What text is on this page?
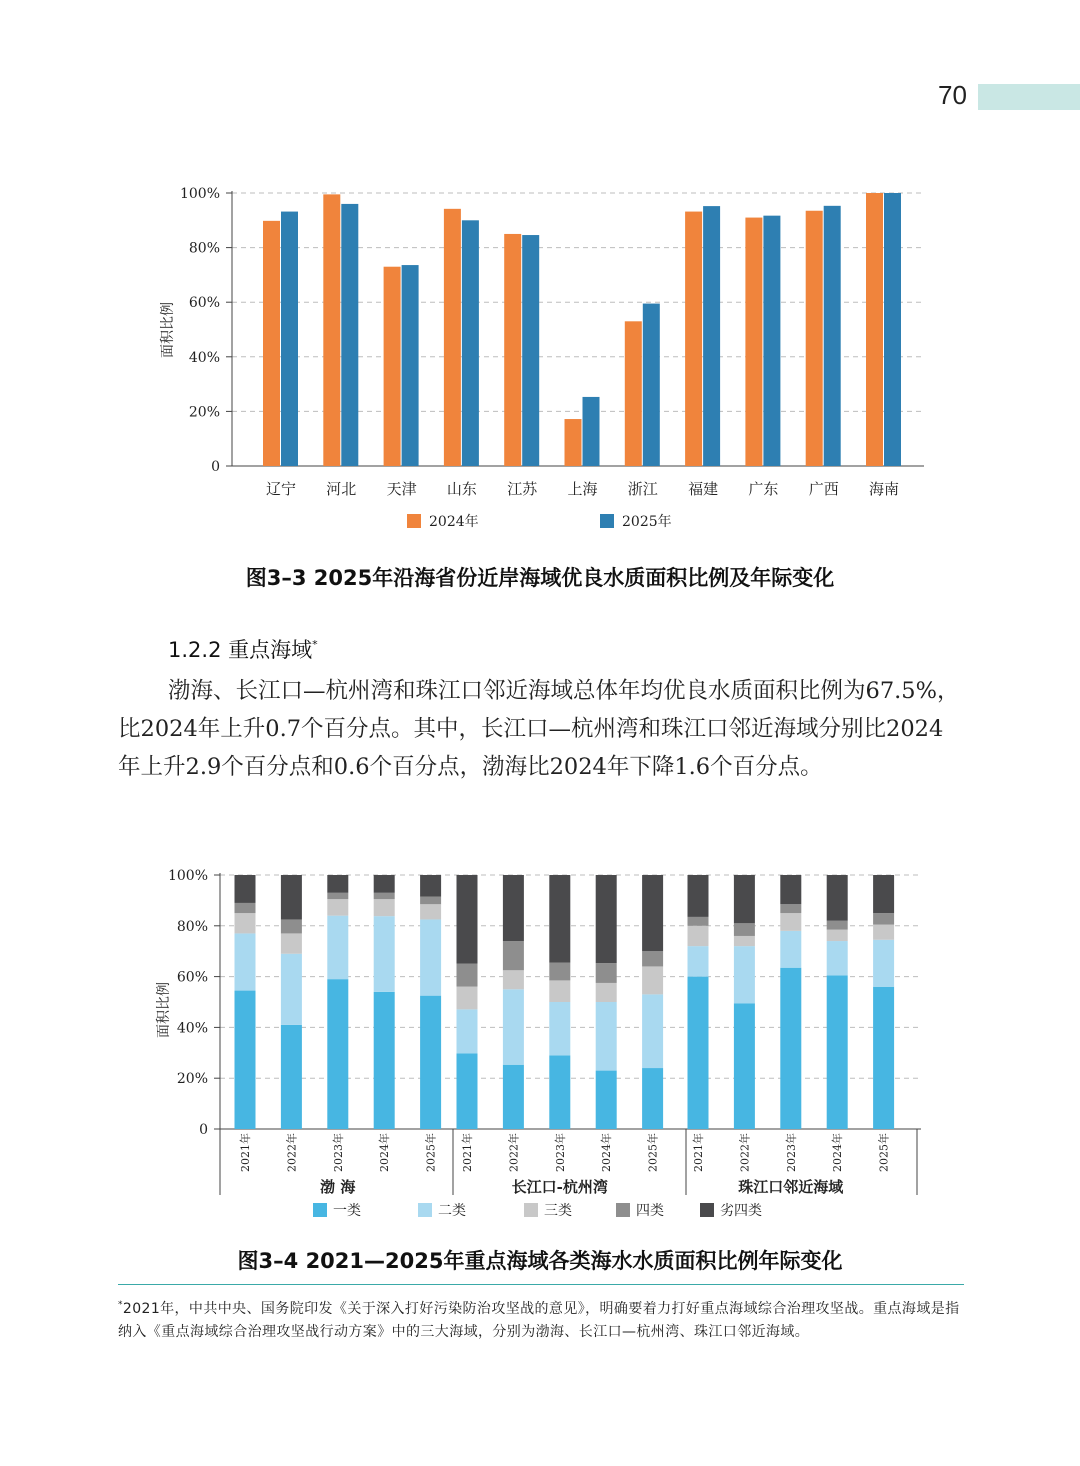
70
0
20%
40%
60%
80%
100%
面积比例
辽宁 河北 天津 山东 江苏 上海 浙江 福建 广东 广西 海南
2024年	2025年
0
20%
40%
60%
80%
100%
面积比例
2021年	2022年	2023年	2024年	2025年
渤 海
2021年	2022年	2023年	2024年	2025年
长江口-杭州湾
2021年	2022年	2023年	2024年	2025年
珠江口邻近海域
一类	二类	三类	四类	劣四类
图3–3 2025年沿海省份近岸海域优良水质面积比例及年际变化
1.2.2 重点海域*
渤海、长江口—杭州湾和珠江口邻近海域总体年均优良水质面积比例为67.5%，比2024年上升0.7个百分点。其中，长江口—杭州湾和珠江口邻近海域分别比2024年上升2.9个百分点和0.6个百分点，渤海比2024年下降1.6个百分点。
图3–4 2021—2025年重点海域各类海水水质面积比例年际变化
*2021年，中共中央、国务院印发《关于深入打好污染防治攻坚战的意见》，明确要着力打好重点海域综合治理攻坚战。重点海域是指纳入《重点海域综合治理攻坚战行动方案》中的三大海域，分别为渤海、长江口—杭州湾、珠江口邻近海域。
